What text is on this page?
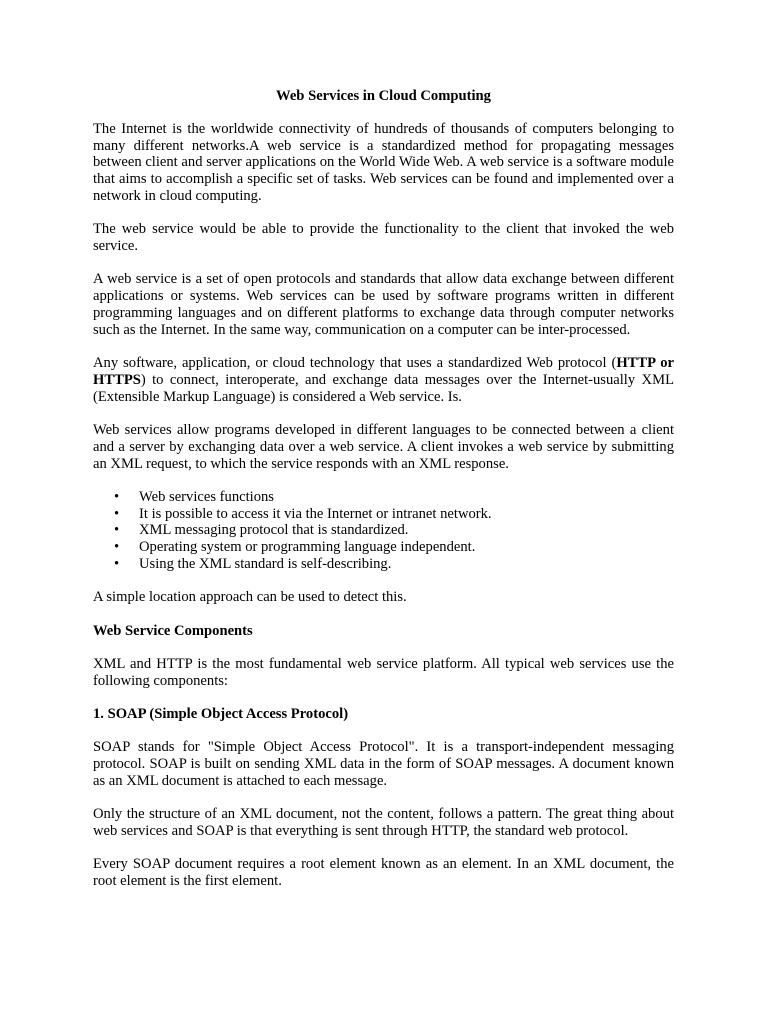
Web Services in Cloud Computing

The Internet is the worldwide connectivity of hundreds of thousands of computers belonging to many different networks.A web service is a standardized method for propagating messages between client and server applications on the World Wide Web. A web service is a software module that aims to accomplish a specific set of tasks. Web services can be found and implemented over a network in cloud computing.

The web service would be able to provide the functionality to the client that invoked the web service.

A web service is a set of open protocols and standards that allow data exchange between different applications or systems. Web services can be used by software programs written in different programming languages and on different platforms to exchange data through computer networks such as the Internet. In the same way, communication on a computer can be inter-processed.

Any software, application, or cloud technology that uses a standardized Web protocol (HTTP or HTTPS) to connect, interoperate, and exchange data messages over the Internet-usually XML (Extensible Markup Language) is considered a Web service. Is.

Web services allow programs developed in different languages to be connected between a client and a server by exchanging data over a web service. A client invokes a web service by submitting an XML request, to which the service responds with an XML response.

• Web services functions
• It is possible to access it via the Internet or intranet network.
• XML messaging protocol that is standardized.
• Operating system or programming language independent.
• Using the XML standard is self-describing.

A simple location approach can be used to detect this.

Web Service Components

XML and HTTP is the most fundamental web service platform. All typical web services use the following components:

1. SOAP (Simple Object Access Protocol)

SOAP stands for "Simple Object Access Protocol". It is a transport-independent messaging protocol. SOAP is built on sending XML data in the form of SOAP messages. A document known as an XML document is attached to each message.

Only the structure of an XML document, not the content, follows a pattern. The great thing about web services and SOAP is that everything is sent through HTTP, the standard web protocol.

Every SOAP document requires a root element known as an element. In an XML document, the root element is the first element.
